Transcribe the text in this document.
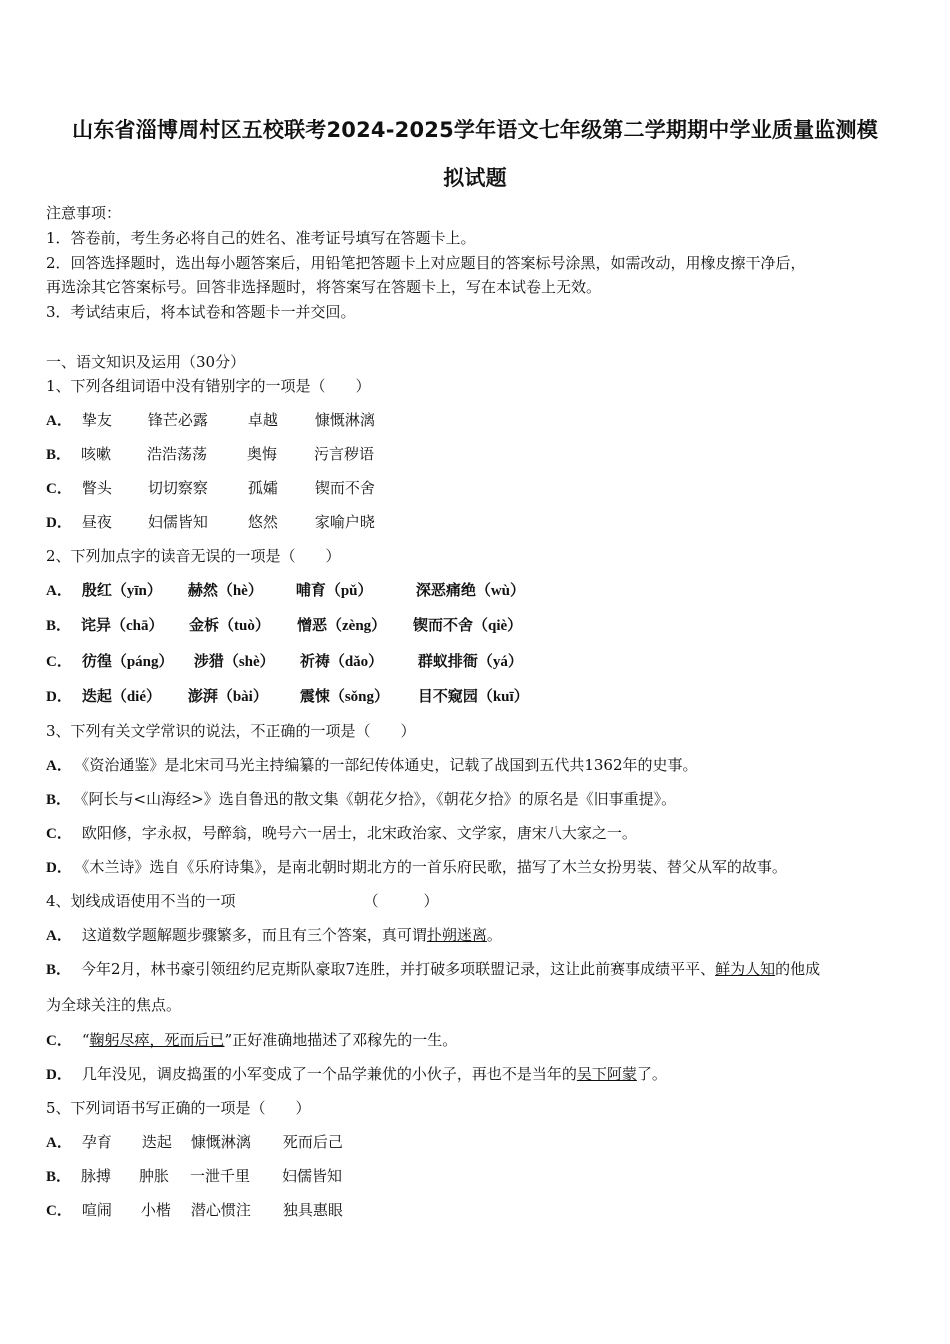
山东省淄博周村区五校联考2024-2025学年语文七年级第二学期期中学业质量监测模
拟试题
注意事项：
1．答卷前，考生务必将自己的姓名、准考证号填写在答题卡上。
2．回答选择题时，选出每小题答案后，用铅笔把答题卡上对应题目的答案标号涂黑，如需改动，用橡皮擦干净后，
再选涂其它答案标号。回答非选择题时，将答案写在答题卡上，写在本试卷上无效。
3．考试结束后，将本试卷和答题卡一并交回。
一、语文知识及运用（30分）
1、下列各组词语中没有错别字的一项是（　　）
A． 挚友 锋芒必露	卓越 慷慨淋漓
B． 咳嗽 浩浩荡荡	奥悔 污言秽语
C． 瞥头 切切察察	孤孀 锲而不舍
D． 昼夜 妇儒皆知	悠然 家喻户晓
2、下列加点字的读音无误的一项是（　　）
A． 殷红（yīn） 赫然（hè） 哺育（pǔ）	深恶痛绝（wù）
B． 诧异（chā） 金柝（tuò） 憎恶（zèng） 锲而不舍（qiè）
C． 彷徨（páng） 涉猎（shè） 祈祷（dǎo） 群蚁排衙（yá）
D． 迭起（dié） 澎湃（bài） 震悚（sǒng） 目不窥园（kuī）
3、下列有关文学常识的说法，不正确的一项是（　　）
A． 《资治通鉴》是北宋司马光主持编纂的一部纪传体通史，记载了战国到五代共1362年的史事。
B． 《阿长与<山海经>》选自鲁迅的散文集《朝花夕拾》，《朝花夕拾》的原名是《旧事重提》。
C． 欧阳修，字永叔，号醉翁，晚号六一居士，北宋政治家、文学家，唐宋八大家之一。
D． 《木兰诗》选自《乐府诗集》，是南北朝时期北方的一首乐府民歌，描写了木兰女扮男装、替父从军的故事。
4、划线成语使用不当的一项	（　　　）
A． 这道数学题解题步骤繁多，而且有三个答案，真可谓扑朔迷离。
B． 今年2月，林书豪引领纽约尼克斯队豪取7连胜，并打破多项联盟记录，这让此前赛事成绩平平、鲜为人知的他成
为全球关注的焦点。
C． “鞠躬尽瘁，死而后已”正好准确地描述了邓稼先的一生。
D． 几年没见，调皮捣蛋的小军变成了一个品学兼优的小伙子，再也不是当年的吴下阿蒙了。
5、下列词语书写正确的一项是（　　）
A． 孕育 迭起 慷慨淋漓 死而后己
B． 脉搏 肿胀 一泄千里 妇儒皆知
C． 喧闹 小楷 潜心惯注 独具惠眼
